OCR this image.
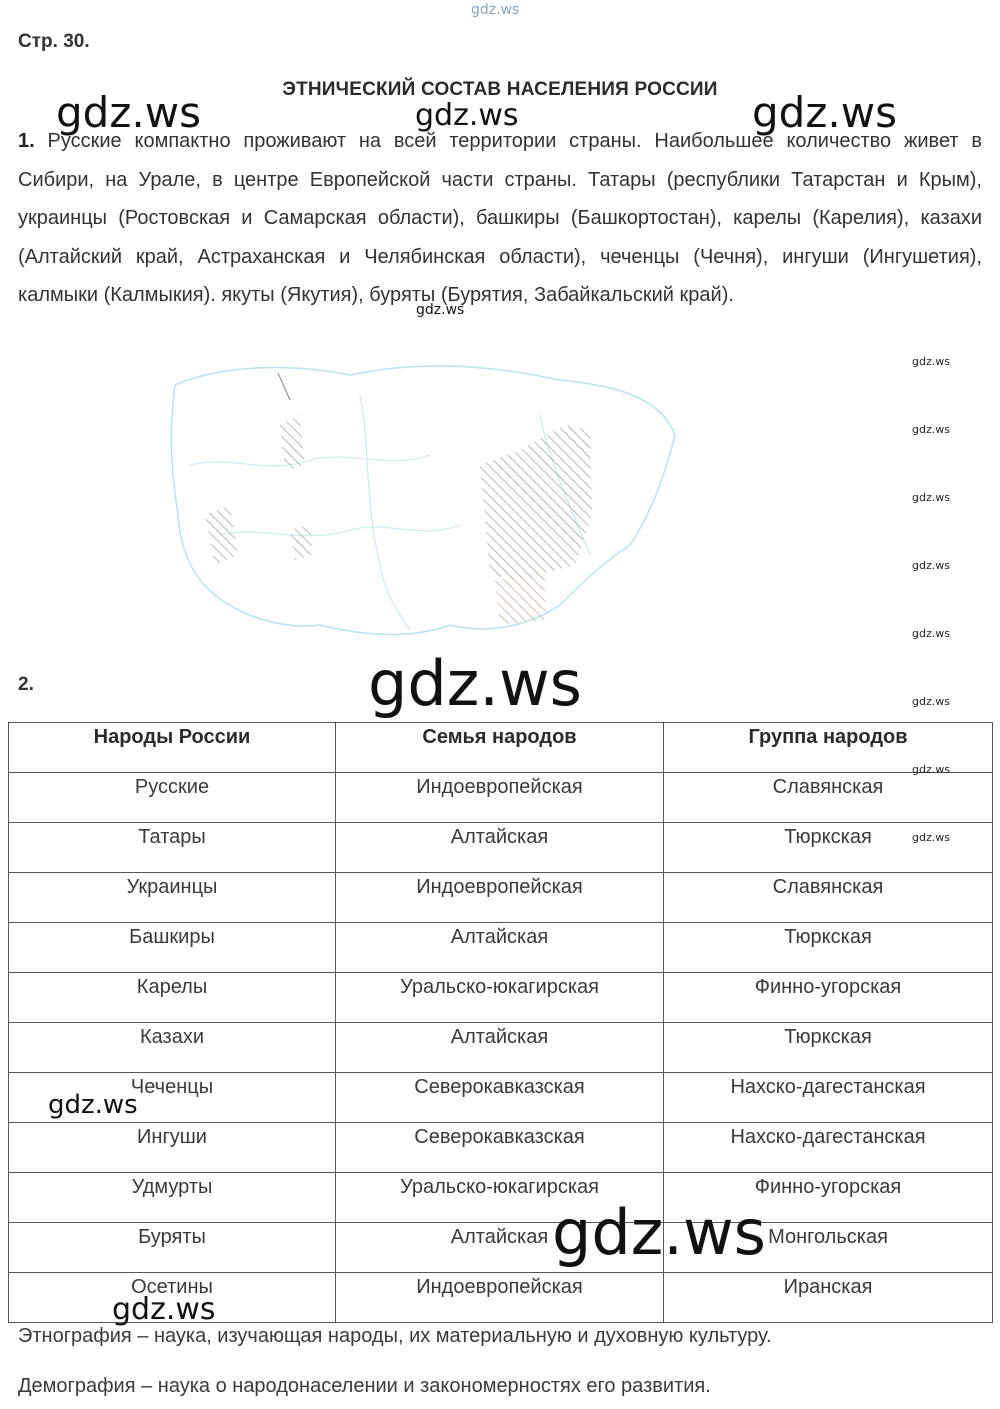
gdz.ws
Стр. 30.
ЭТНИЧЕСКИЙ СОСТАВ НАСЕЛЕНИЯ РОССИИ
1. Русские компактно проживают на всей территории страны. Наибольшее количество живет в Сибири, на Урале, в центре Европейской части страны. Татары (республики Татарстан и Крым), украинцы (Ростовская и Самарская области), башкиры (Башкортостан), карелы (Карелия), казахи (Алтайский край, Астраханская и Челябинская области), чеченцы (Чечня), ингуши (Ингушетия), калмыки (Калмыкия). якуты (Якутия), буряты (Бурятия, Забайкальский край).
2.
Народы России	Семья народов	Группа народов
Русские	Индоевропейская	Славянская
Татары	Алтайская	Тюркская
Украинцы	Индоевропейская	Славянская
Башкиры	Алтайская	Тюркская
Карелы	Уральско-юкагирская	Финно-угорская
Казахи	Алтайская	Тюркская
Чеченцы	Северокавказская	Нахско-дагестанская
Ингуши	Северокавказская	Нахско-дагестанская
Удмурты	Уральско-юкагирская	Финно-угорская
Буряты	Алтайская	Монгольская
Осетины	Индоевропейская	Иранская
Этнография – наука, изучающая народы, их материальную и духовную культуру.
Демография – наука о народонаселении и закономерностях его развития.
gdz.ws	gdz.ws	gdz.ws
gdz.ws
gdz.ws
gdz.ws
gdz.ws
gdz.ws
gdz.ws
gdz.ws
gdz.ws
gdz.ws
gdz.ws
gdz.ws
gdz.ws
gdz.ws
